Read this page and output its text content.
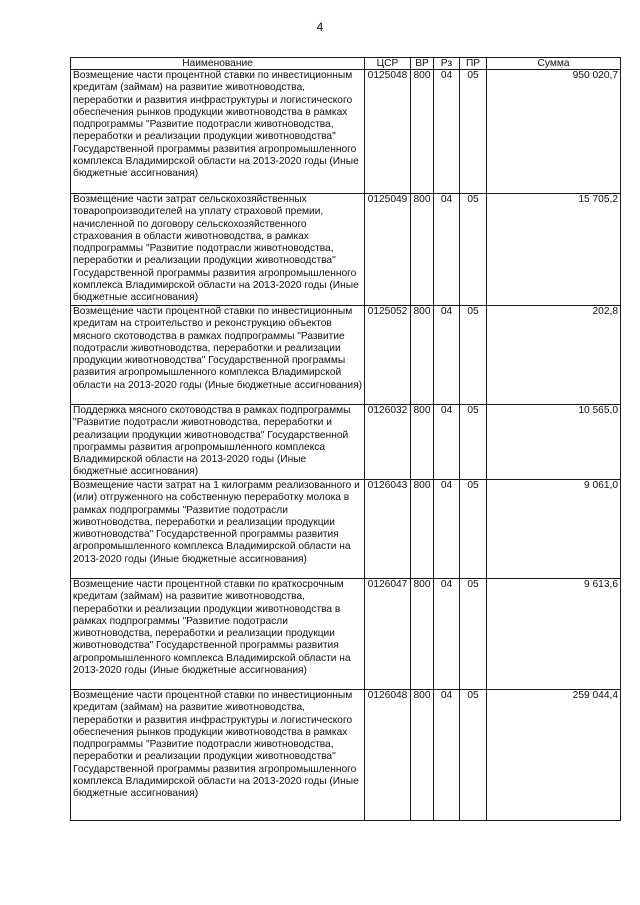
4
Наименование	ЦСР	ВР	Рз	ПР	Сумма
Возмещение части процентной ставки по инвестиционным кредитам (займам) на развитие животноводства, переработки и развития инфраструктуры и логистического обеспечения рынков продукции животноводства в рамках подпрограммы "Развитие подотрасли животноводства, переработки и реализации продукции животноводства" Государственной программы развития агропромышленного комплекса Владимирской области на 2013-2020 годы (Иные бюджетные ассигнования)	0125048	800	04	05	950 020,7
Возмещение части затрат сельскохозяйственных товаропроизводителей на уплату страховой премии, начисленной по договору сельскохозяйственного страхования в области животноводства, в рамках подпрограммы "Развитие подотрасли животноводства, переработки и реализации продукции животноводства" Государственной программы развития агропромышленного комплекса Владимирской области на 2013-2020 годы (Иные бюджетные ассигнования)	0125049	800	04	05	15 705,2
Возмещение части процентной ставки по инвестиционным кредитам на строительство и реконструкцию объектов мясного скотоводства в рамках подпрограммы "Развитие подотрасли животноводства, переработки и реализации продукции животноводства" Государственной программы развития агропромышленного комплекса Владимирской области на 2013-2020 годы (Иные бюджетные ассигнования)	0125052	800	04	05	202,8
Поддержка мясного скотоводства в рамках подпрограммы "Развитие подотрасли животноводства, переработки и реализации продукции животноводства" Государственной программы развития агропромышленного комплекса Владимирской области на 2013-2020 годы (Иные бюджетные ассигнования)	0126032	800	04	05	10 565,0
Возмещение части затрат на 1 килограмм реализованного и (или) отгруженного на собственную переработку молока в рамках подпрограммы "Развитие подотрасли животноводства, переработки и реализации продукции животноводства" Государственной программы развития агропромышленного комплекса Владимирской области на 2013-2020 годы (Иные бюджетные ассигнования)	0126043	800	04	05	9 061,0
Возмещение части процентной ставки по краткосрочным кредитам (займам) на развитие животноводства, переработки и реализации продукции животноводства в рамках подпрограммы "Развитие подотрасли животноводства, переработки и реализации продукции животноводства" Государственной программы развития агропромышленного комплекса Владимирской области на 2013-2020 годы (Иные бюджетные ассигнования)	0126047	800	04	05	9 613,6
Возмещение части процентной ставки по инвестиционным кредитам (займам) на развитие животноводства, переработки и развития инфраструктуры и логистического обеспечения рынков продукции животноводства в рамках подпрограммы "Развитие подотрасли животноводства, переработки и реализации продукции животноводства" Государственной программы развития агропромышленного комплекса Владимирской области на 2013-2020 годы (Иные бюджетные ассигнования)	0126048	800	04	05	259 044,4
